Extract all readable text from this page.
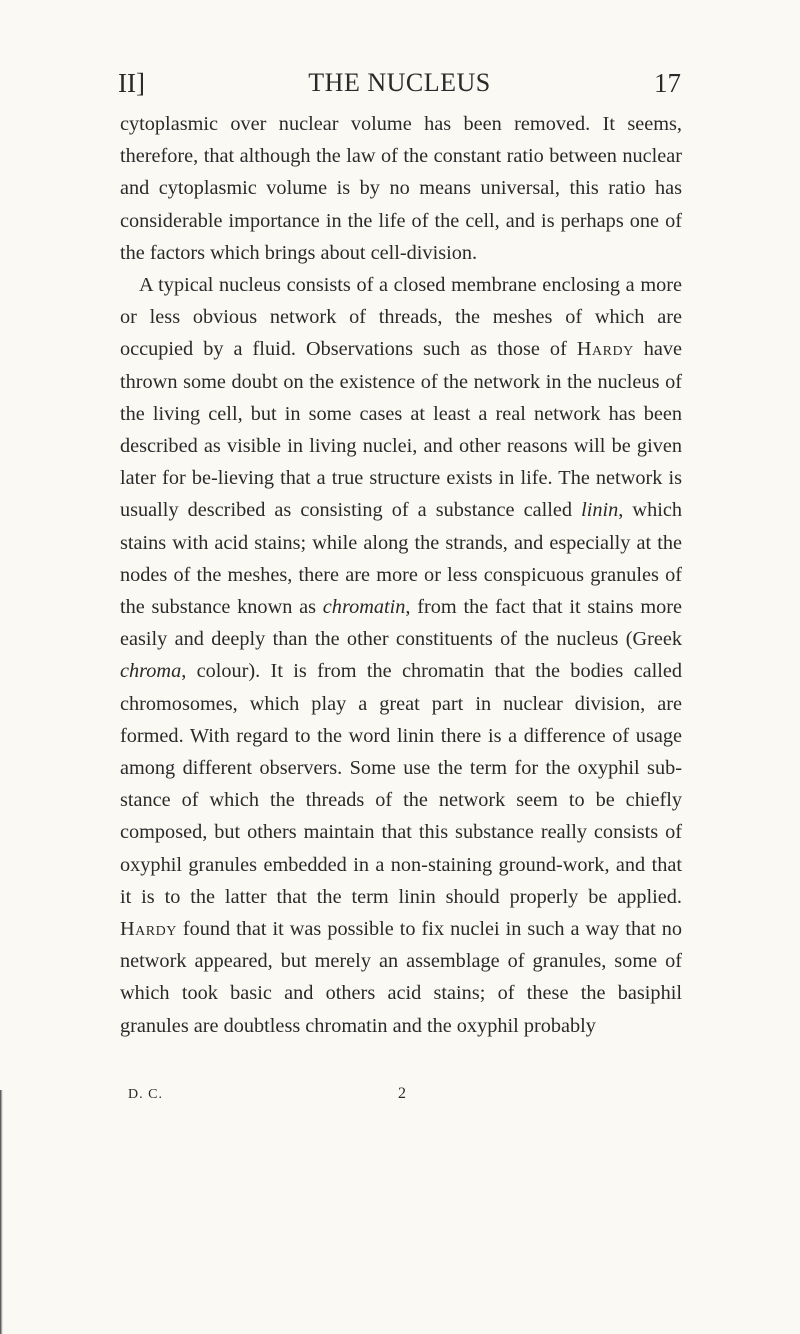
II]	THE NUCLEUS	17

cytoplasmic over nuclear volume has been removed. It seems, therefore, that although the law of the constant ratio between nuclear and cytoplasmic volume is by no means universal, this ratio has considerable importance in the life of the cell, and is perhaps one of the factors which brings about cell-division.

A typical nucleus consists of a closed membrane enclosing a more or less obvious network of threads, the meshes of which are occupied by a fluid. Observations such as those of Hardy have thrown some doubt on the existence of the network in the nucleus of the living cell, but in some cases at least a real network has been described as visible in living nuclei, and other reasons will be given later for be-lieving that a true structure exists in life. The network is usually described as consisting of a substance called linin, which stains with acid stains; while along the strands, and especially at the nodes of the meshes, there are more or less conspicuous granules of the substance known as chromatin, from the fact that it stains more easily and deeply than the other constituents of the nucleus (Greek chroma, colour). It is from the chromatin that the bodies called chromosomes, which play a great part in nuclear division, are formed. With regard to the word linin there is a difference of usage among different observers. Some use the term for the oxyphil sub-stance of which the threads of the network seem to be chiefly composed, but others maintain that this substance really consists of oxyphil granules embedded in a non-staining ground-work, and that it is to the latter that the term linin should properly be applied. Hardy found that it was possible to fix nuclei in such a way that no network appeared, but merely an assemblage of granules, some of which took basic and others acid stains; of these the basiphil granules are doubtless chromatin and the oxyphil probably

D. C.	2
